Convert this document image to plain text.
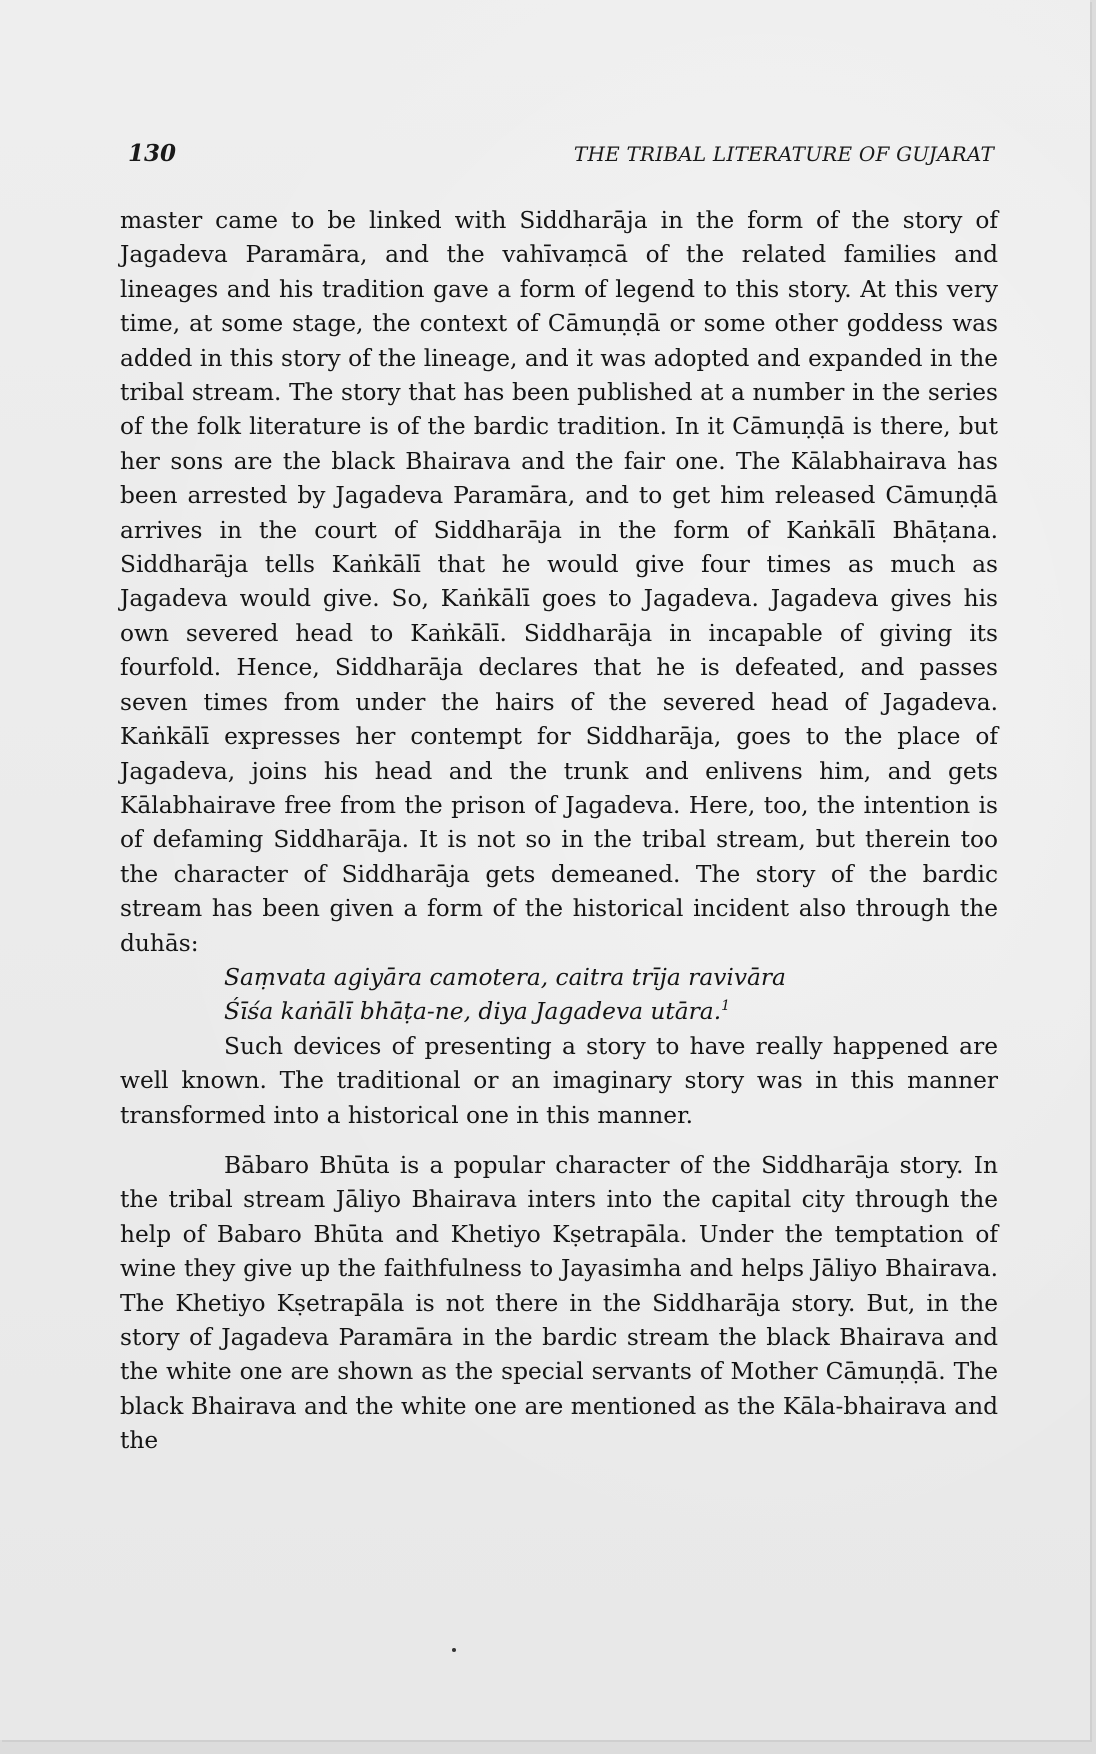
130	THE TRIBAL LITERATURE OF GUJARAT

master came to be linked with Siddharāja in the form of the story of Jagadeva Paramāra, and the vahīvaṃcā of the related families and lineages and his tradition gave a form of legend to this story. At this very time, at some stage, the context of Cāmuṇḍā or some other goddess was added in this story of the lineage, and it was adopted and expanded in the tribal stream. The story that has been published at a number in the series of the folk literature is of the bardic tradition. In it Cāmuṇḍā is there, but her sons are the black Bhairava and the fair one. The Kālabhairava has been arrested by Jagadeva Paramāra, and to get him released Cāmuṇḍā arrives in the court of Siddharāja in the form of Kaṅkālī Bhāṭana. Siddharāja tells Kaṅkālī that he would give four times as much as Jagadeva would give. So, Kaṅkālī goes to Jagadeva. Jagadeva gives his own severed head to Kaṅkālī. Siddharāja in incapable of giving its fourfold. Hence, Siddharāja declares that he is defeated, and passes seven times from under the hairs of the severed head of Jagadeva. Kaṅkālī expresses her contempt for Siddharāja, goes to the place of Jagadeva, joins his head and the trunk and enlivens him, and gets Kālabhairave free from the prison of Jagadeva. Here, too, the intention is of defaming Siddharāja. It is not so in the tribal stream, but therein too the character of Siddharāja gets demeaned. The story of the bardic stream has been given a form of the historical incident also through the duhās:

Saṃvata agiyāra camotera, caitra trīja ravivāra
Śīśa kaṅālī bhāṭa-ne, diya Jagadeva utāra.$^1$

Such devices of presenting a story to have really happened are well known. The traditional or an imaginary story was in this manner transformed into a historical one in this manner.

Bābaro Bhūta is a popular character of the Siddharāja story. In the tribal stream Jāliyo Bhairava inters into the capital city through the help of Babaro Bhūta and Khetiyo Kṣetrapāla. Under the temptation of wine they give up the faithfulness to Jayasimha and helps Jāliyo Bhairava. The Khetiyo Kṣetrapāla is not there in the Siddharāja story. But, in the story of Jagadeva Paramāra in the bardic stream the black Bhairava and the white one are shown as the special servants of Mother Cāmuṇḍā. The black Bhairava and the white one are mentioned as the Kāla-bhairava and the
